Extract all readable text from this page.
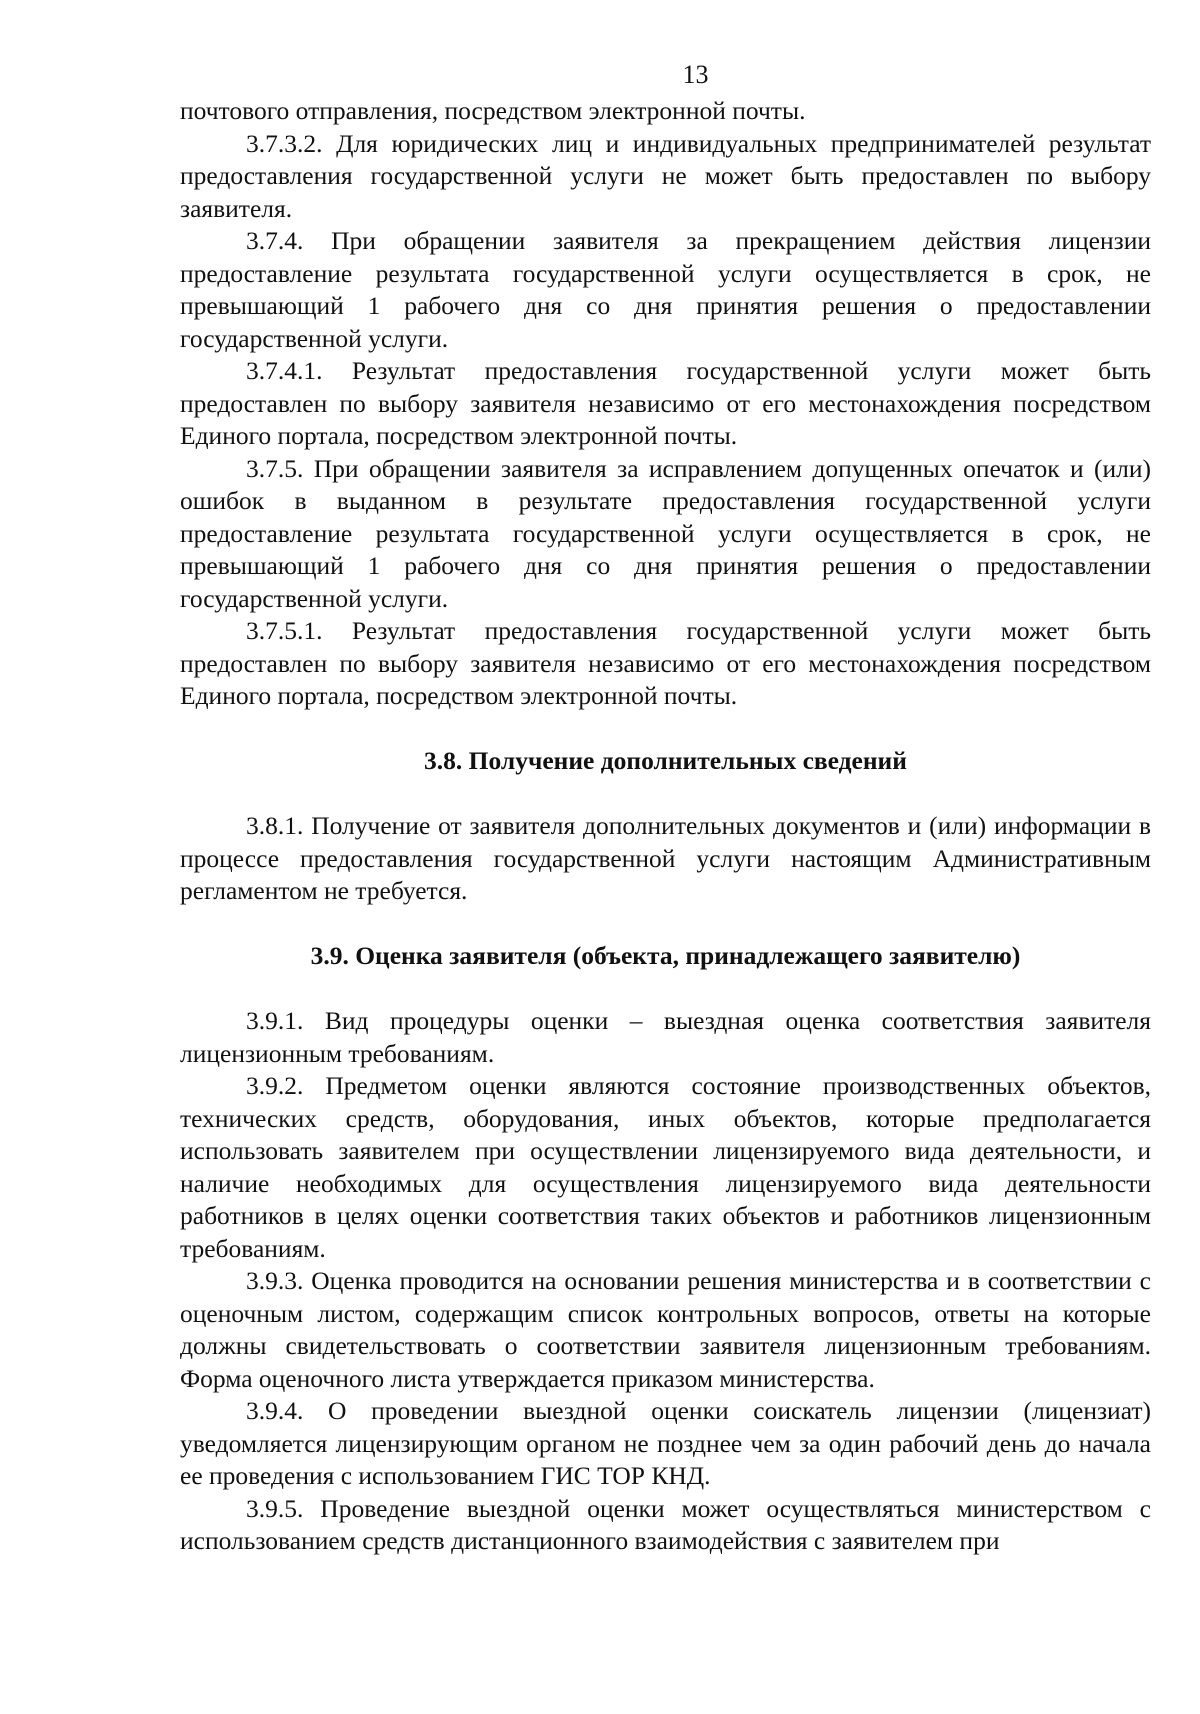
13

почтового отправления, посредством электронной почты.

3.7.3.2. Для юридических лиц и индивидуальных предпринимателей результат предоставления государственной услуги не может быть предоставлен по выбору заявителя.

3.7.4. При обращении заявителя за прекращением действия лицензии предоставление результата государственной услуги осуществляется в срок, не превышающий 1 рабочего дня со дня принятия решения о предоставлении государственной услуги.

3.7.4.1. Результат предоставления государственной услуги может быть предоставлен по выбору заявителя независимо от его местонахождения посредством Единого портала, посредством электронной почты.

3.7.5. При обращении заявителя за исправлением допущенных опечаток и (или) ошибок в выданном в результате предоставления государственной услуги предоставление результата государственной услуги осуществляется в срок, не превышающий 1 рабочего дня со дня принятия решения о предоставлении государственной услуги.

3.7.5.1. Результат предоставления государственной услуги может быть предоставлен по выбору заявителя независимо от его местонахождения посредством Единого портала, посредством электронной почты.

3.8. Получение дополнительных сведений

3.8.1. Получение от заявителя дополнительных документов и (или) информации в процессе предоставления государственной услуги настоящим Административным регламентом не требуется.

3.9. Оценка заявителя (объекта, принадлежащего заявителю)

3.9.1. Вид процедуры оценки – выездная оценка соответствия заявителя лицензионным требованиям.

3.9.2. Предметом оценки являются состояние производственных объектов, технических средств, оборудования, иных объектов, которые предполагается использовать заявителем при осуществлении лицензируемого вида деятельности, и наличие необходимых для осуществления лицензируемого вида деятельности работников в целях оценки соответствия таких объектов и работников лицензионным требованиям.

3.9.3. Оценка проводится на основании решения министерства и в соответствии с оценочным листом, содержащим список контрольных вопросов, ответы на которые должны свидетельствовать о соответствии заявителя лицензионным требованиям. Форма оценочного листа утверждается приказом министерства.

3.9.4. О проведении выездной оценки соискатель лицензии (лицензиат) уведомляется лицензирующим органом не позднее чем за один рабочий день до начала ее проведения с использованием ГИС ТОР КНД.

3.9.5. Проведение выездной оценки может осуществляться министерством с использованием средств дистанционного взаимодействия с заявителем при
